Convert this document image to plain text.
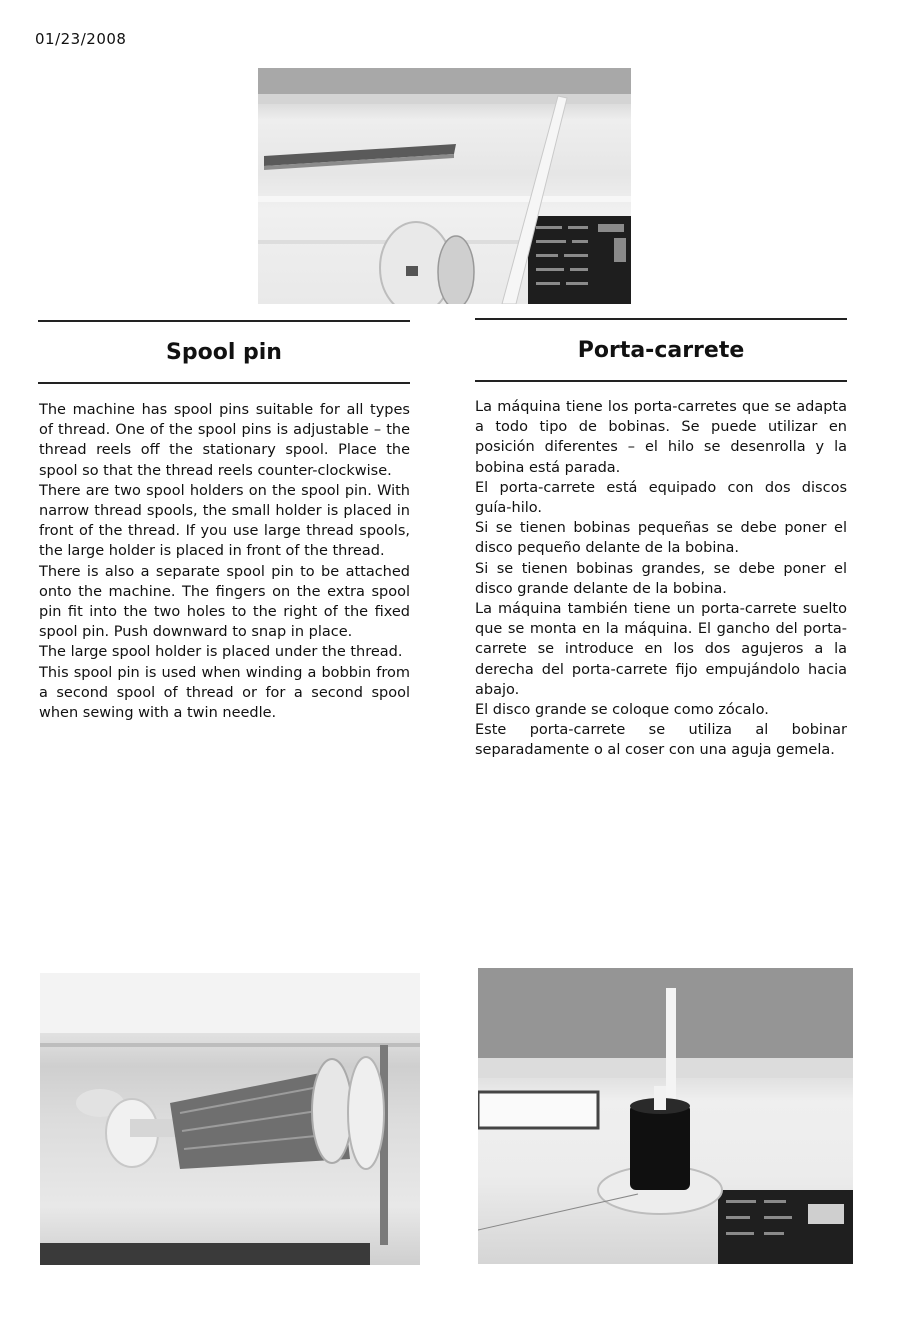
01/23/2008
Spool pin	Porta-carrete

The machine has spool pins suitable for all types of thread. One of the spool pins is adjustable – the thread reels off the stationary spool. Place the spool so that the thread reels counter-clockwise.

There are two spool holders on the spool pin. With narrow thread spools, the small holder is placed in front of the thread. If you use large thread spools, the large holder is placed in front of the thread.

There is also a separate spool pin to be attached onto the machine. The fingers on the extra spool pin fit into the two holes to the right of the fixed spool pin. Push downward to snap in place.

The large spool holder is placed under the thread.

This spool pin is used when winding a bobbin from a second spool of thread or for a second spool when sewing with a twin needle.

La máquina tiene los porta-carretes que se adapta a todo tipo de bobinas. Se puede utilizar en posición diferentes – el hilo se desenrolla y la bobina está parada.

El porta-carrete está equipado con dos discos guía-hilo.

Si se tienen bobinas pequeñas se debe poner el disco pequeño delante de la bobina.

Si se tienen bobinas grandes, se debe poner el disco grande delante de la bobina.

La máquina también tiene un porta-carrete suelto que se monta en la máquina. El gancho del porta-carrete se introduce en los dos agujeros a la derecha del porta-carrete fijo empujándolo hacia abajo.

El disco grande se coloque como zócalo.

Este porta-carrete se utiliza al bobinar separadamente o al coser con una aguja gemela.
